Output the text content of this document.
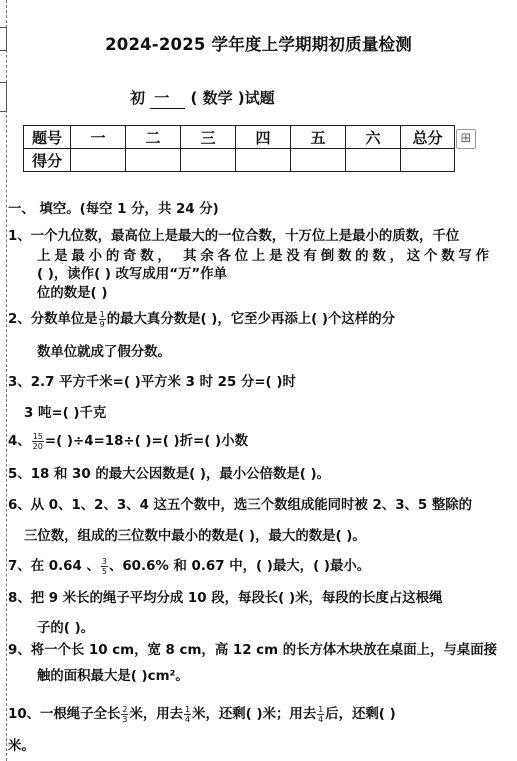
2024-2025 学年度上学期期初质量检测
初 一 ( 数学 )试题
题号	一	二	三	四	五	六	总分
得分							
⊞
一、 填空。(每空 1 分，共 24 分)
1、一个九位数，最高位上是最大的一位合数，十万位上是最小的质数，千位
上是最小的奇数， 其余各位上是没有倒数的数，这个数写作
( )，读作( ) 改写成用“万”作单
位的数是( )
2、分数单位是 $\frac{1}{9}$ 的最大真分数是( )，它至少再添上( )个这样的分
数单位就成了假分数。
3、2.7 平方千米=( )平方米 3 时 25 分=( )时
3 吨=( )千克
4、 $\frac{15}{20}$ =( )÷4=18÷( )=( )折=( )小数
5、18 和 30 的最大公因数是( )，最小公倍数是( )。
6、从 0、1、2、3、4 这五个数中，选三个数组成能同时被 2、3、5 整除的
三位数，组成的三位数中最小的数是( )，最大的数是( )。
7、在 0.64 、 $\frac{3}{5}$ 、60.6% 和 0.67 中，( )最大，( )最小。
8、把 9 米长的绳子平均分成 10 段，每段长( )米，每段的长度占这根绳
子的( )。
9、将一个长 10 cm，宽 8 cm，高 12 cm 的长方体木块放在桌面上，与桌面接
触的面积最大是( )cm²。
10、一根绳子全长 $\frac{2}{3}$ 米，用去 $\frac{1}{4}$ 米，还剩( )米；用去 $\frac{1}{4}$ 后，还剩( )
米。
